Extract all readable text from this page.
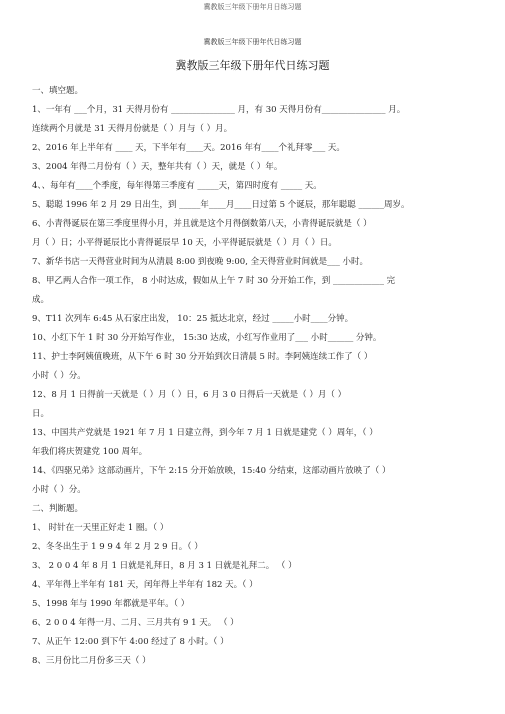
冀教版三年级下册年月日练习题
冀教版三年级下册年代日练习题
冀教版三年级下册年代日练习题
一、填空题。
1、一年有 ___个月，31 天得月份有 _______________ 月，有 30 天得月份有_______________ 月。
连续两个月就是 31 天得月份就是（ ）月与（ ）月。
2、2016 年上半年有 ____ 天，下半年有____天。2016 年有____个礼拜零___ 天。
3、2004 年得二月份有（ ）天，整年共有（ ）天，就是（ ）年。
4、、每年有____个季度，每年得第三季度有 _____天，第四时度有 _____ 天。
5、聪聪 1996 年 2 月 29 日出生，到 _____年____月____日过第 5 个诞辰，那年聪聪 ______周岁。
6、小青得诞辰在第三季度里得小月，并且就是这个月得倒数第八天，小青得诞辰就是（ ）
月（ ）日；小平得诞辰比小青得诞辰早 10 天，小平得诞辰就是（ ）月（ ）日。
7、新华书店一天得营业时间为从清晨 8:00 到夜晚 9:00, 全天得营业时间就是___ 小时。
8、甲乙两人合作一项工作， 8 小时达成，假如从上午 7 时 30 分开始工作，到 ____________ 完
成。
9、T11 次列车 6:45 从石家庄出发， 10：25 抵达北京，经过 _____小时____分钟。
10、小红下午 1 时 30 分开始写作业， 15:30 达成，小红写作业用了___ 小时______ 分钟。
11、护士李阿姨值晚班，从下午 6 时 30 分开始到次日清晨 5 时。李阿姨连续工作了（ ）
小时（ ）分。
12、8 月 1 日得前一天就是（ ）月（ ）日，6 月 3 0 日得后一天就是（ ）月（ ）
日。
13、中国共产党就是 1921 年 7 月 1 日建立得，到今年 7 月 1 日就是建党（ ）周年，（ ）
年我们将庆贺建党 100 周年。
14、《四驱兄弟》这部动画片，下午 2:15 分开始放映，15:40 分结束，这部动画片放映了（ ）
小时（ ）分。
二、判断题。
1、 时针在一天里正好走 1 圈。（ ）
2、冬冬出生于 1 9 9 4 年 2 月 2 9 日。（ ）
3、 2 0 0 4 年 8 月 1 日就是礼拜日，8 月 3 1 日就是礼拜二。 （ ）
4、平年得上半年有 181 天，闰年得上半年有 182 天。（ ）
5、1998 年与 1990 年都就是平年。（ ）
6、2 0 0 4 年得一月、二月、三月共有 9 1 天。 （ ）
7、从正午 12:00 到下午 4:00 经过了 8 小时。（ ）
8、三月份比二月份多三天（ ）
